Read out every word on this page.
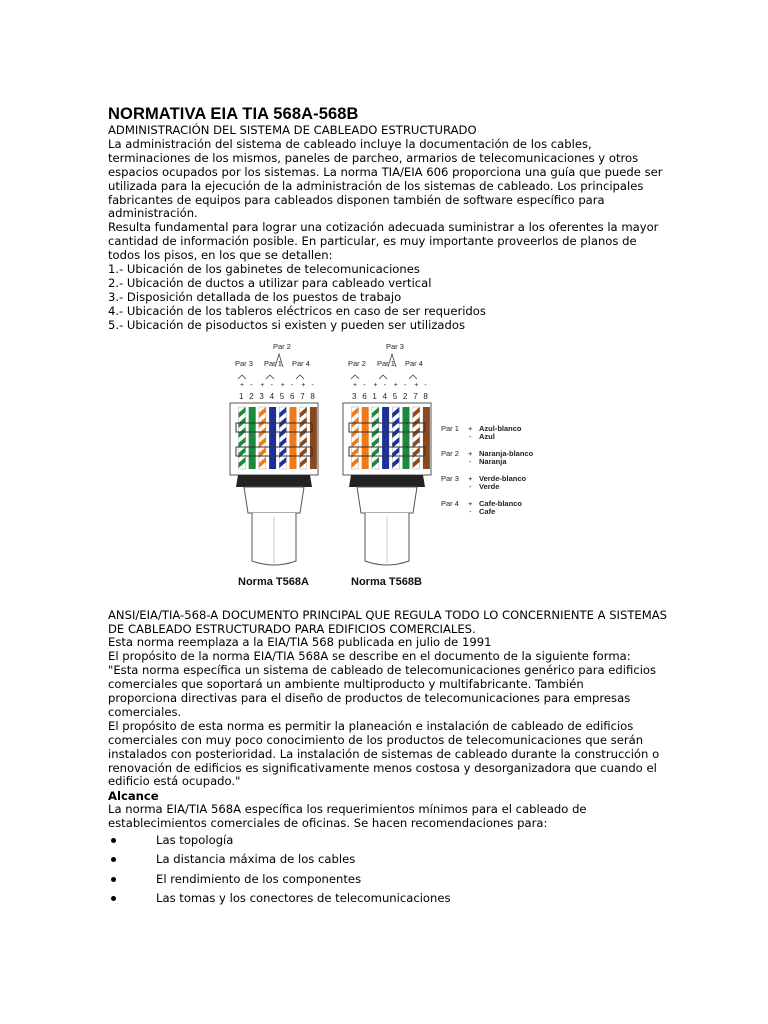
NORMATIVA EIA TIA 568A-568B

ADMINISTRACIÓN DEL SISTEMA DE CABLEADO ESTRUCTURADO

La administración del sistema de cableado incluye la documentación de los cables,

terminaciones de los mismos, paneles de parcheo, armarios de telecomunicaciones y otros

espacios ocupados por los sistemas. La norma TIA/EIA 606 proporciona una guía que puede ser

utilizada para la ejecución de la administración de los sistemas de cableado. Los principales

fabricantes de equipos para cableados disponen también de software específico para

administración.

Resulta fundamental para lograr una cotización adecuada suministrar a los oferentes la mayor

cantidad de información posible. En particular, es muy importante proveerlos de planos de

todos los pisos, en los que se detallen:

1.- Ubicación de los gabinetes de telecomunicaciones

2.- Ubicación de ductos a utilizar para cableado vertical

3.- Disposición detallada de los puestos de trabajo

4.- Ubicación de los tableros eléctricos en caso de ser requeridos

5.- Ubicación de pisoductos si existen y pueden ser utilizados

Par 2
Par 3 Par 1 Par 4
+ - + - + - + -
1 2 3 4 5 6 7 8
Norma T568A
Par 3
Par 2 Par 1 Par 4
+ - + - + - + -
3 6 1 4 5 2 7 8
Norma T568B
Par 1 + Azul-blanco
- Azul
Par 2 + Naranja-blanco
- Naranja
Par 3 + Verde-blanco
- Verde
Par 4 + Cafe-blanco
- Cafe

ANSI/EIA/TIA-568-A DOCUMENTO PRINCIPAL QUE REGULA TODO LO CONCERNIENTE A SISTEMAS

DE CABLEADO ESTRUCTURADO PARA EDIFICIOS COMERCIALES.

Esta norma reemplaza a la EIA/TIA 568 publicada en julio de 1991

El propósito de la norma EIA/TIA 568A se describe en el documento de la siguiente forma:

"Esta norma específica un sistema de cableado de telecomunicaciones genérico para edificios

comerciales que soportará un ambiente multiproducto y multifabricante. También

proporciona directivas para el diseño de productos de telecomunicaciones para empresas

comerciales.

El propósito de esta norma es permitir la planeación e instalación de cableado de edificios

comerciales con muy poco conocimiento de los productos de telecomunicaciones que serán

instalados con posterioridad. La instalación de sistemas de cableado durante la construcción o

renovación de edificios es significativamente menos costosa y desorganizadora que cuando el

edificio está ocupado."

Alcance

La norma EIA/TIA 568A específica los requerimientos mínimos para el cableado de

establecimientos comerciales de oficinas. Se hacen recomendaciones para:

Las topología
La distancia máxima de los cables
El rendimiento de los componentes
Las tomas y los conectores de telecomunicaciones
